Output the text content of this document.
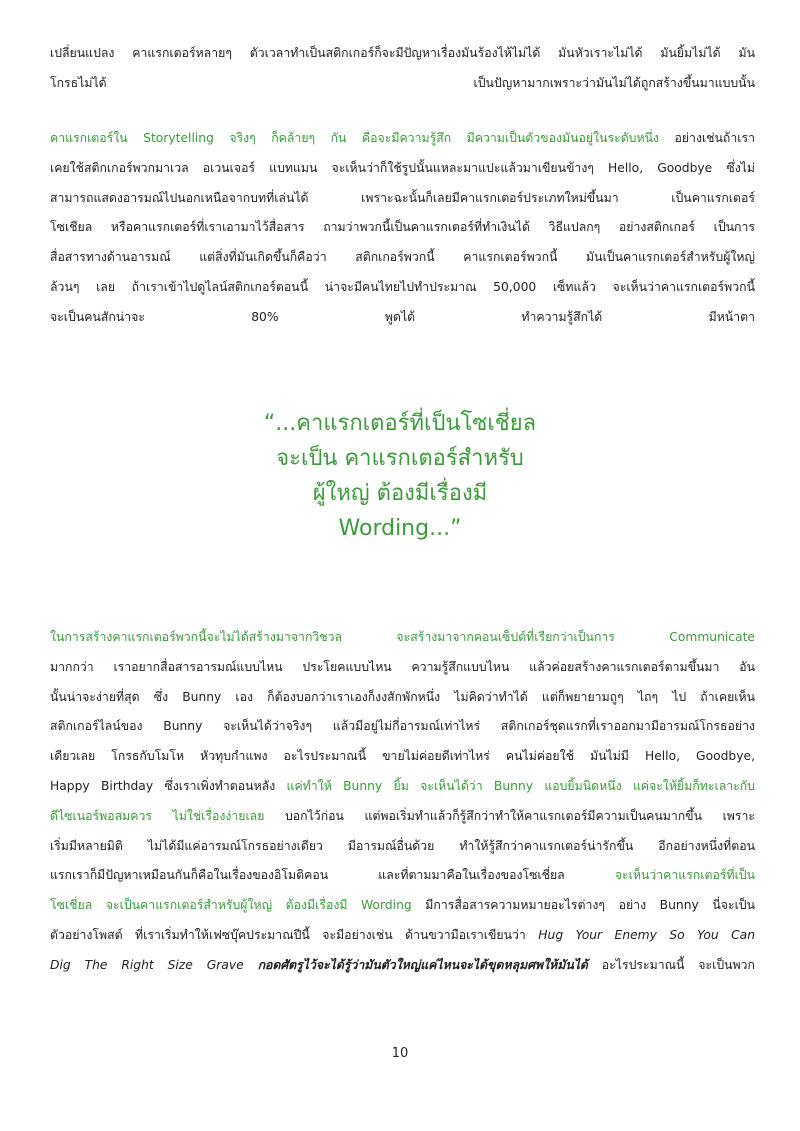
เปลี่ยนแปลง คาแรกเตอร์หลายๆ ตัวเวลาทำเป็นสติกเกอร์ก็จะมีปัญหาเรื่องมันร้องไห้ไม่ได้ มันหัวเราะไม่ได้ มันยิ้มไม่ได้ มัน
โกรธไม่ได้ เป็นปัญหามากเพราะว่ามันไม่ได้ถูกสร้างขึ้นมาแบบนั้น
คาแรกเตอร์ใน Storytelling จริงๆ ก็คล้ายๆ กัน คือจะมีความรู้สึก มีความเป็นตัวของมันอยู่ในระดับหนึ่ง อย่างเช่นถ้าเรา
เคยใช้สติกเกอร์พวกมาเวล อเวนเจอร์ แบทแมน จะเห็นว่าก็ใช้รูปนั้นแหละมาแปะแล้วมาเขียนข้างๆ Hello, Goodbye ซึ่งไม่
สามารถแสดงอารมณ์ไปนอกเหนือจากบทที่เล่นได้ เพราะฉะนั้นก็เลยมีคาแรกเตอร์ประเภทใหม่ขึ้นมา เป็นคาแรกเตอร์
โซเชียล หรือคาแรกเตอร์ที่เราเอามาไว้สื่อสาร ถามว่าพวกนี้เป็นคาแรกเตอร์ที่ทำเงินได้ วิธีแปลกๆ อย่างสติกเกอร์ เป็นการ
สื่อสารทางด้านอารมณ์ แต่สิ่งที่มันเกิดขึ้นก็คือว่า สติกเกอร์พวกนี้ คาแรกเตอร์พวกนี้ มันเป็นคาแรกเตอร์สำหรับผู้ใหญ่
ล้วนๆ เลย ถ้าเราเข้าไปดูไลน์สติกเกอร์ตอนนี้ น่าจะมีคนไทยไปทำประมาณ 50,000 เซ็ทแล้ว จะเห็นว่าคาแรกเตอร์พวกนี้
จะเป็นคนสักน่าจะ 80% พูดได้ ทำความรู้สึกได้ มีหน้าตา
“...คาแรกเตอร์ที่เป็นโซเชี่ยล
จะเป็น คาแรกเตอร์สำหรับ
ผู้ใหญ่ ต้องมีเรื่องมี
Wording...”
ในการสร้างคาแรกเตอร์พวกนี้จะไม่ได้สร้างมาจากวิชวล จะสร้างมาจากคอนเซ็ปต์ที่เรียกว่าเป็นการ Communicate
มากกว่า เราอยากสื่อสารอารมณ์แบบไหน ประโยคแบบไหน ความรู้สึกแบบไหน แล้วค่อยสร้างคาแรกเตอร์ตามขึ้นมา อัน
นั้นน่าจะง่ายที่สุด ซึ่ง Bunny เอง ก็ต้องบอกว่าเราเองก็งงสักพักหนึ่ง ไม่คิดว่าทำได้ แต่ก็พยายามถูๆ ไถๆ ไป ถ้าเคยเห็น
สติกเกอร์ไลน์ของ Bunny จะเห็นได้ว่าจริงๆ แล้วมีอยู่ไม่กี่อารมณ์เท่าไหร่ สติกเกอร์ชุดแรกที่เราออกมามีอารมณ์โกรธอย่าง
เดียวเลย โกรธกับโมโห หัวทุบกำแพง อะไรประมาณนี้ ขายไม่ค่อยดีเท่าไหร่ คนไม่ค่อยใช้ มันไม่มี Hello, Goodbye,
Happy Birthday ซึ่งเราเพิ่งทำตอนหลัง แค่ทำให้ Bunny ยิ้ม จะเห็นได้ว่า Bunny แอบยิ้มนิดหนึ่ง แค่จะให้ยิ้มก็ทะเลาะกับ
ดีไซเนอร์พอสมควร ไม่ใช่เรื่องง่ายเลย บอกไว้ก่อน แต่พอเริ่มทำแล้วก็รู้สึกว่าทำให้คาแรกเตอร์มีความเป็นคนมากขึ้น เพราะ
เริ่มมีหลายมิติ ไม่ได้มีแค่อารมณ์โกรธอย่างเดียว มีอารมณ์อื่นด้วย ทำให้รู้สึกว่าคาแรกเตอร์น่ารักขึ้น อีกอย่างหนึ่งที่ตอน
แรกเราก็มีปัญหาเหมือนกันก็คือในเรื่องของอิโมติคอน และที่ตามมาคือในเรื่องของโซเชี่ยล จะเห็นว่าคาแรกเตอร์ที่เป็น
โซเชี่ยล จะเป็นคาแรกเตอร์สำหรับผู้ใหญ่ ต้องมีเรื่องมี Wording มีการสื่อสารความหมายอะไรต่างๆ อย่าง Bunny นี่จะเป็น
ตัวอย่างโพสต์ ที่เราเริ่มทำให้เฟซบุ๊คประมาณปีนี้ จะมีอย่างเช่น ด้านขวามือเราเขียนว่า Hug Your Enemy So You Can
Dig The Right Size Grave กอดศัตรูไว้จะได้รู้ว่ามันตัวใหญ่แค่ไหนจะได้ขุดหลุมศพให้มันได้ อะไรประมาณนี้ จะเป็นพวก
10
